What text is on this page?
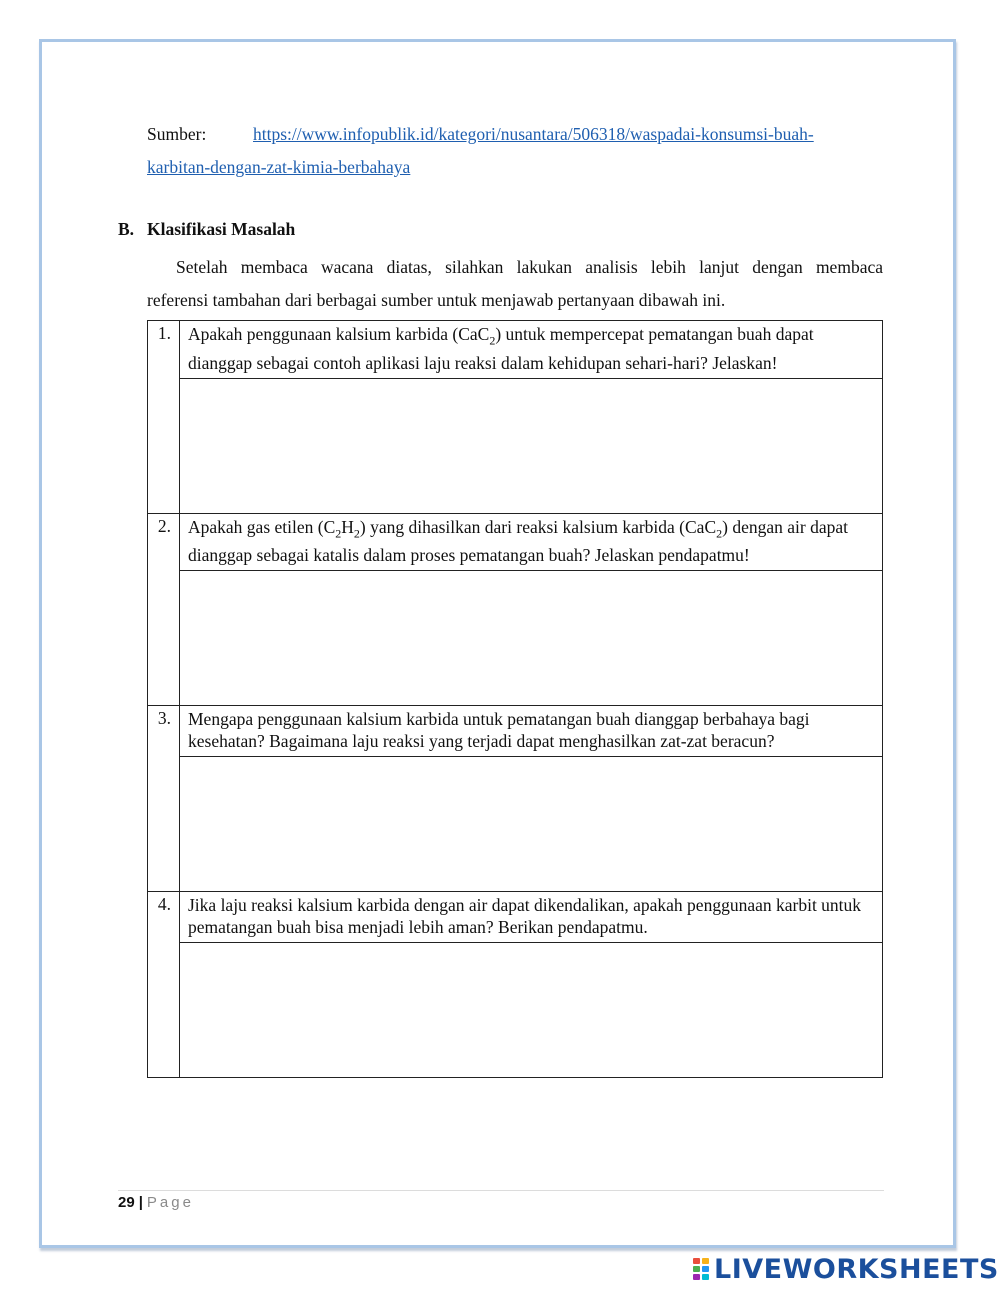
Sumber:	https://www.infopublik.id/kategori/nusantara/506318/waspadai-konsumsi-buah-
karbitan-dengan-zat-kimia-berbahaya
B. Klasifikasi Masalah
Setelah membaca wacana diatas, silahkan lakukan analisis lebih lanjut dengan membaca
referensi tambahan dari berbagai sumber untuk menjawab pertanyaan dibawah ini.
1.	Apakah penggunaan kalsium karbida (CaC$_2$) untuk mempercepat pematangan buah dapat dianggap sebagai contoh aplikasi laju reaksi dalam kehidupan sehari-hari? Jelaskan!

2.	Apakah gas etilen $(C_2H_2)$ yang dihasilkan dari reaksi kalsium karbida (CaC$_2$) dengan air dapat dianggap sebagai katalis dalam proses pematangan buah? Jelaskan pendapatmu!

3.	Mengapa penggunaan kalsium karbida untuk pematangan buah dianggap berbahaya bagi kesehatan? Bagaimana laju reaksi yang terjadi dapat menghasilkan zat-zat beracun?

4.	Jika laju reaksi kalsium karbida dengan air dapat dikendalikan, apakah penggunaan karbit untuk pematangan buah bisa menjadi lebih aman? Berikan pendapatmu.

29 | Page
LIVEWORKSHEETS
